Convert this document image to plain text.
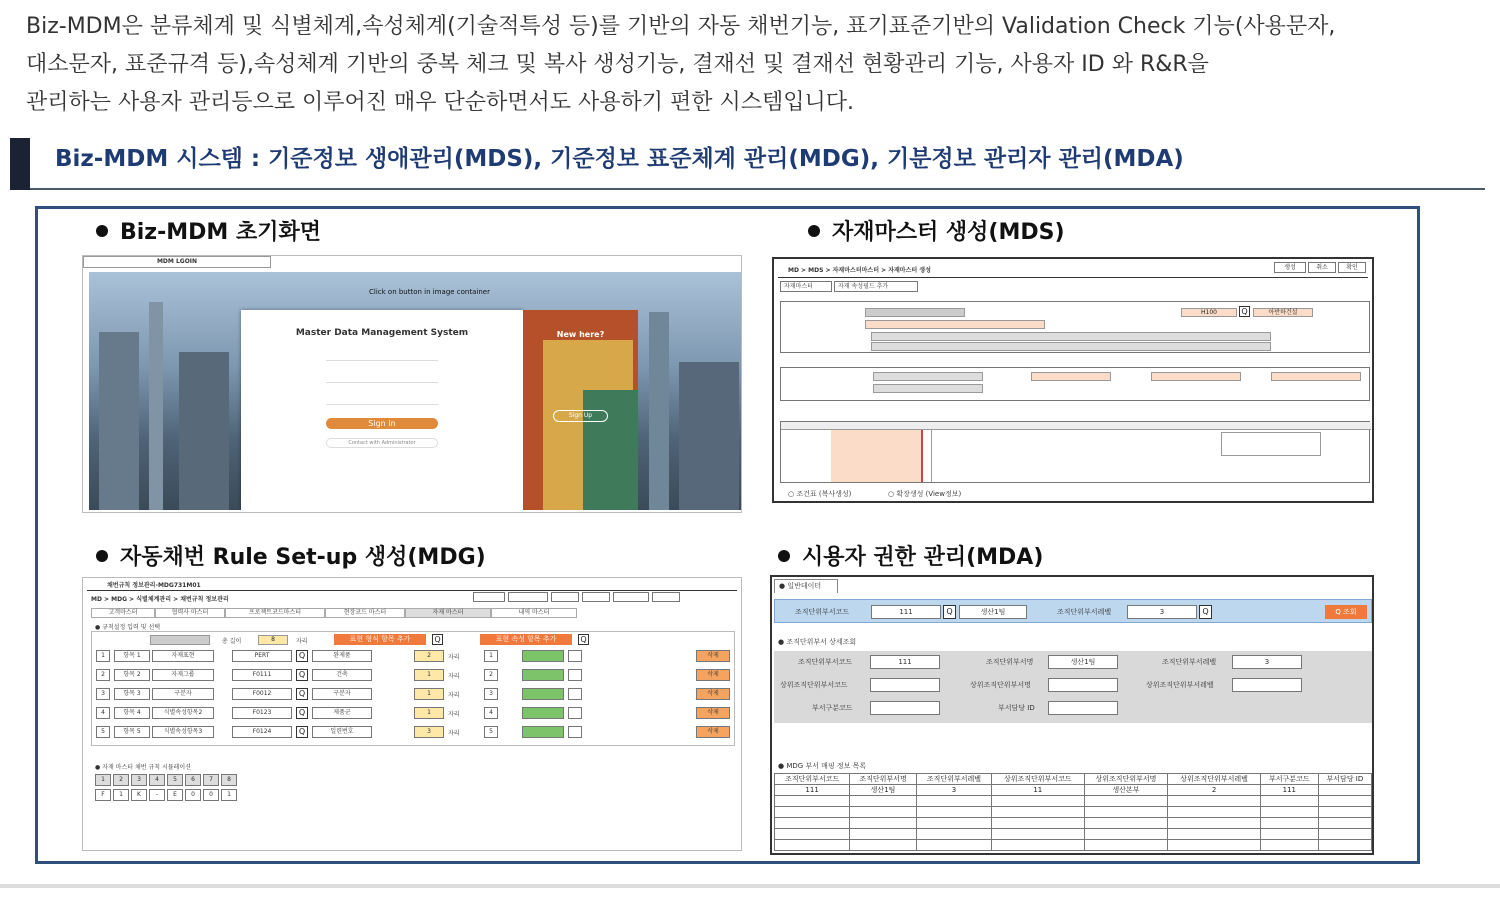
Biz-MDM은 분류체계 및 식별체계,속성체계(기술적특성 등)를 기반의 자동 채번기능, 표기표준기반의 Validation Check 기능(사용문자,
대소문자, 표준규격 등),속성체계 기반의 중복 체크 및 복사 생성기능, 결재선 및 결재선 현황관리 기능, 사용자 ID 와 R&R을
관리하는 사용자 관리등으로 이루어진 매우 단순하면서도 사용하기 편한 시스템입니다.
Biz-MDM 시스템 : 기준정보 생애관리(MDS), 기준정보 표준체계 관리(MDG), 기분정보 관리자 관리(MDA)
Biz-MDM 초기화면
MDM LGOIN
Click on button in image container
Master Data Management System
Sign In
Contact with Administrator
New here?
Sign Up
자재마스터 생성(MDS)
MD > MDS > 자재마스터마스터 > 자재마스터 생성	생성	취소	확인
자재마스터	자재 속성필드 추가
H100	Q	아반하건설
○ 조건표 (복사생성)	○ 확장생성 (View정보)
자동채번 Rule Set-up 생성(MDG)
채번규칙 정보관리-MDG731M01
MD > MDG > 식별체계관리 > 채번규칙 정보관리
고객마스터	협력사 마스터	프로젝트코드마스터	현장코드 마스터	자재 마스터	내역 마스터
● 규칙설정 입력 및 선택
총 길이	8	자리	표현 형식 항목 추가	Q	표현 속성 항목 추가	Q
1	항목 1	자재표현	PERT	Q	완제품	2	자리	1	삭제
2	항목 2	자재그룹	F0111	Q	건축	1	자리	2	삭제
3	항목 3	구분자	F0012	Q	구분자	1	자리	3	삭제
4	항목 4	식별속성항목2	F0123	Q	제품군	1	자리	4	삭제
5	항목 5	식별속성항목3	F0124	Q	일련번호	3	자리	5	삭제
● 자재 마스터 채번 규칙 시뮬레이션
1	2	3	4	5	6	7	8
F	1	K	-	E	0	0	1
시용자 권한 관리(MDA)
● 일반데이터
조직단위부서코드	111	Q	생산1팀	조직단위부서레벨	3	Q	Q 조회
● 조직단위부서 상세조회
조직단위부서코드	111	조직단위부서명	생산1팀	조직단위부서레벨	3
상위조직단위부서코드	상위조직단위부서명	상위조직단위부서레벨
부서구분코드	부서담당 ID
● MDG 부서 매핑 정보 목록
조직단위부서코드	조직단위부서명	조직단위부서레벨	상위조직단위부서코드	상위조직단위부서명	상위조직단위부서레벨	부서구분코드	부서담당 ID
111	생산1팀	3	11	생산본부	2	111	
